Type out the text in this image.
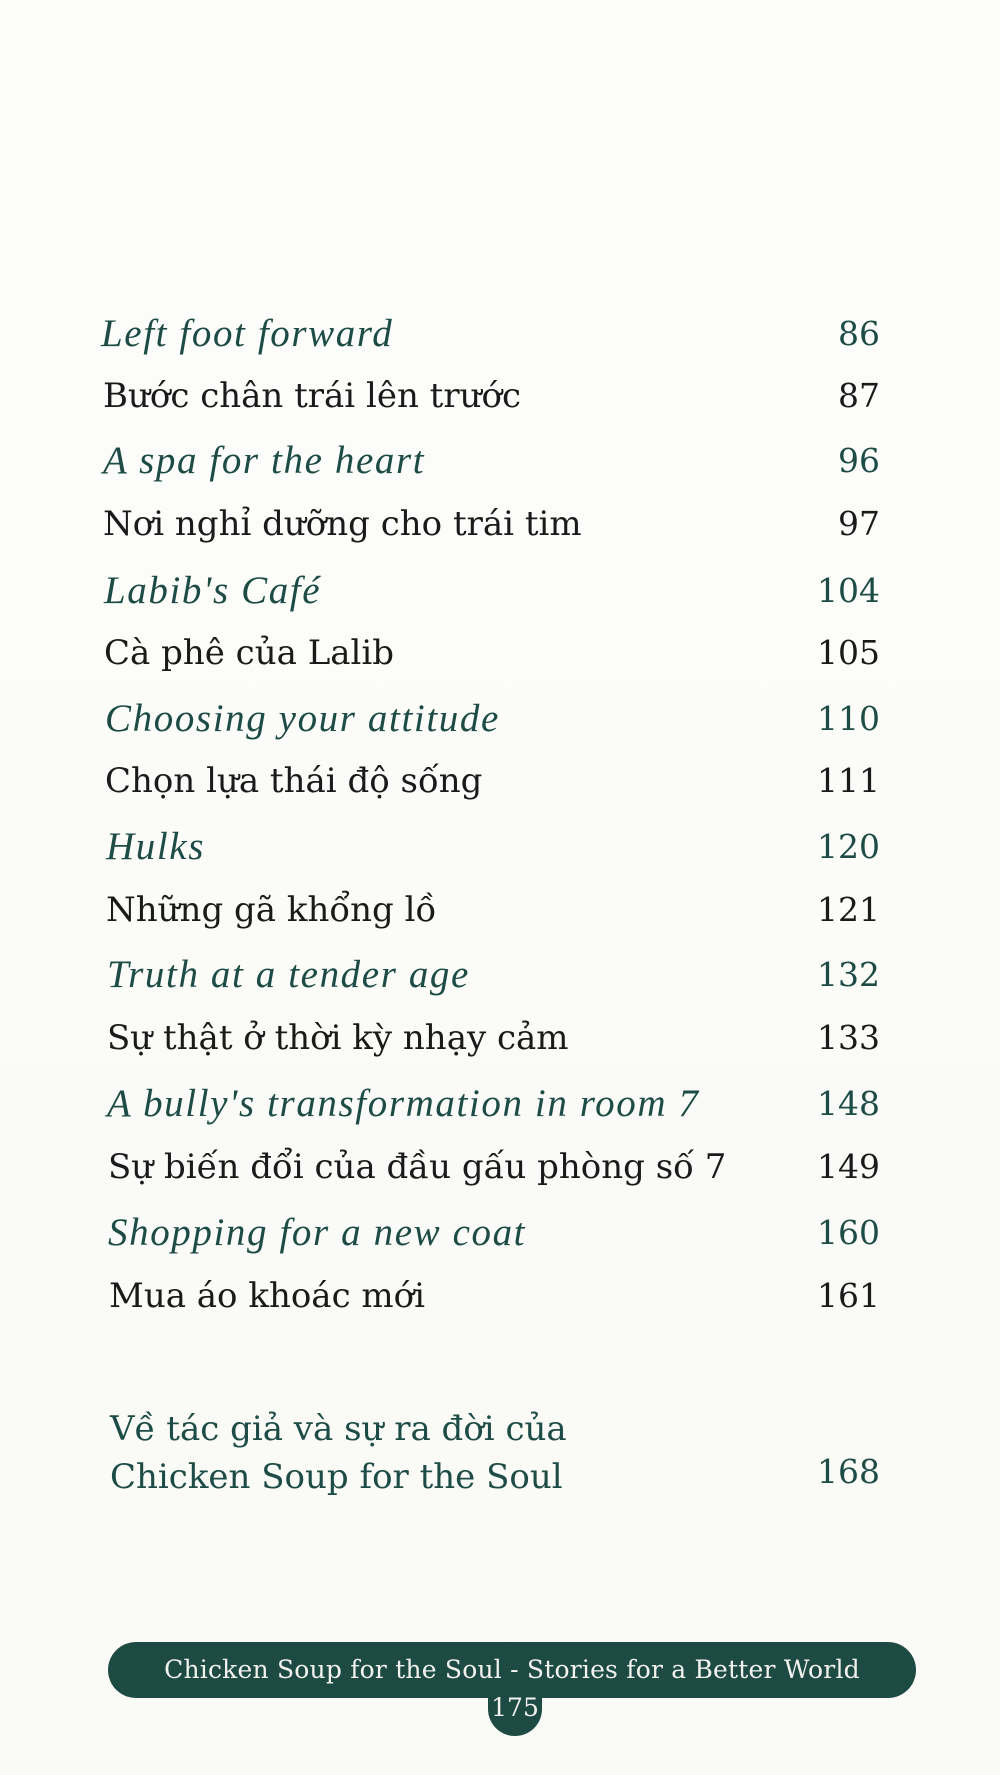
Left foot forward	86
Bước chân trái lên trước	87
A spa for the heart	96
Nơi nghỉ dưỡng cho trái tim	97
Labib's Café	104
Cà phê của Lalib	105
Choosing your attitude	110
Chọn lựa thái độ sống	111
Hulks	120
Những gã khổng lồ	121
Truth at a tender age	132
Sự thật ở thời kỳ nhạy cảm	133
A bully's transformation in room 7	148
Sự biến đổi của đầu gấu phòng số 7	149
Shopping for a new coat	160
Mua áo khoác mới	161
Về tác giả và sự ra đời của
Chicken Soup for the Soul	168
Chicken Soup for the Soul - Stories for a Better World
175
